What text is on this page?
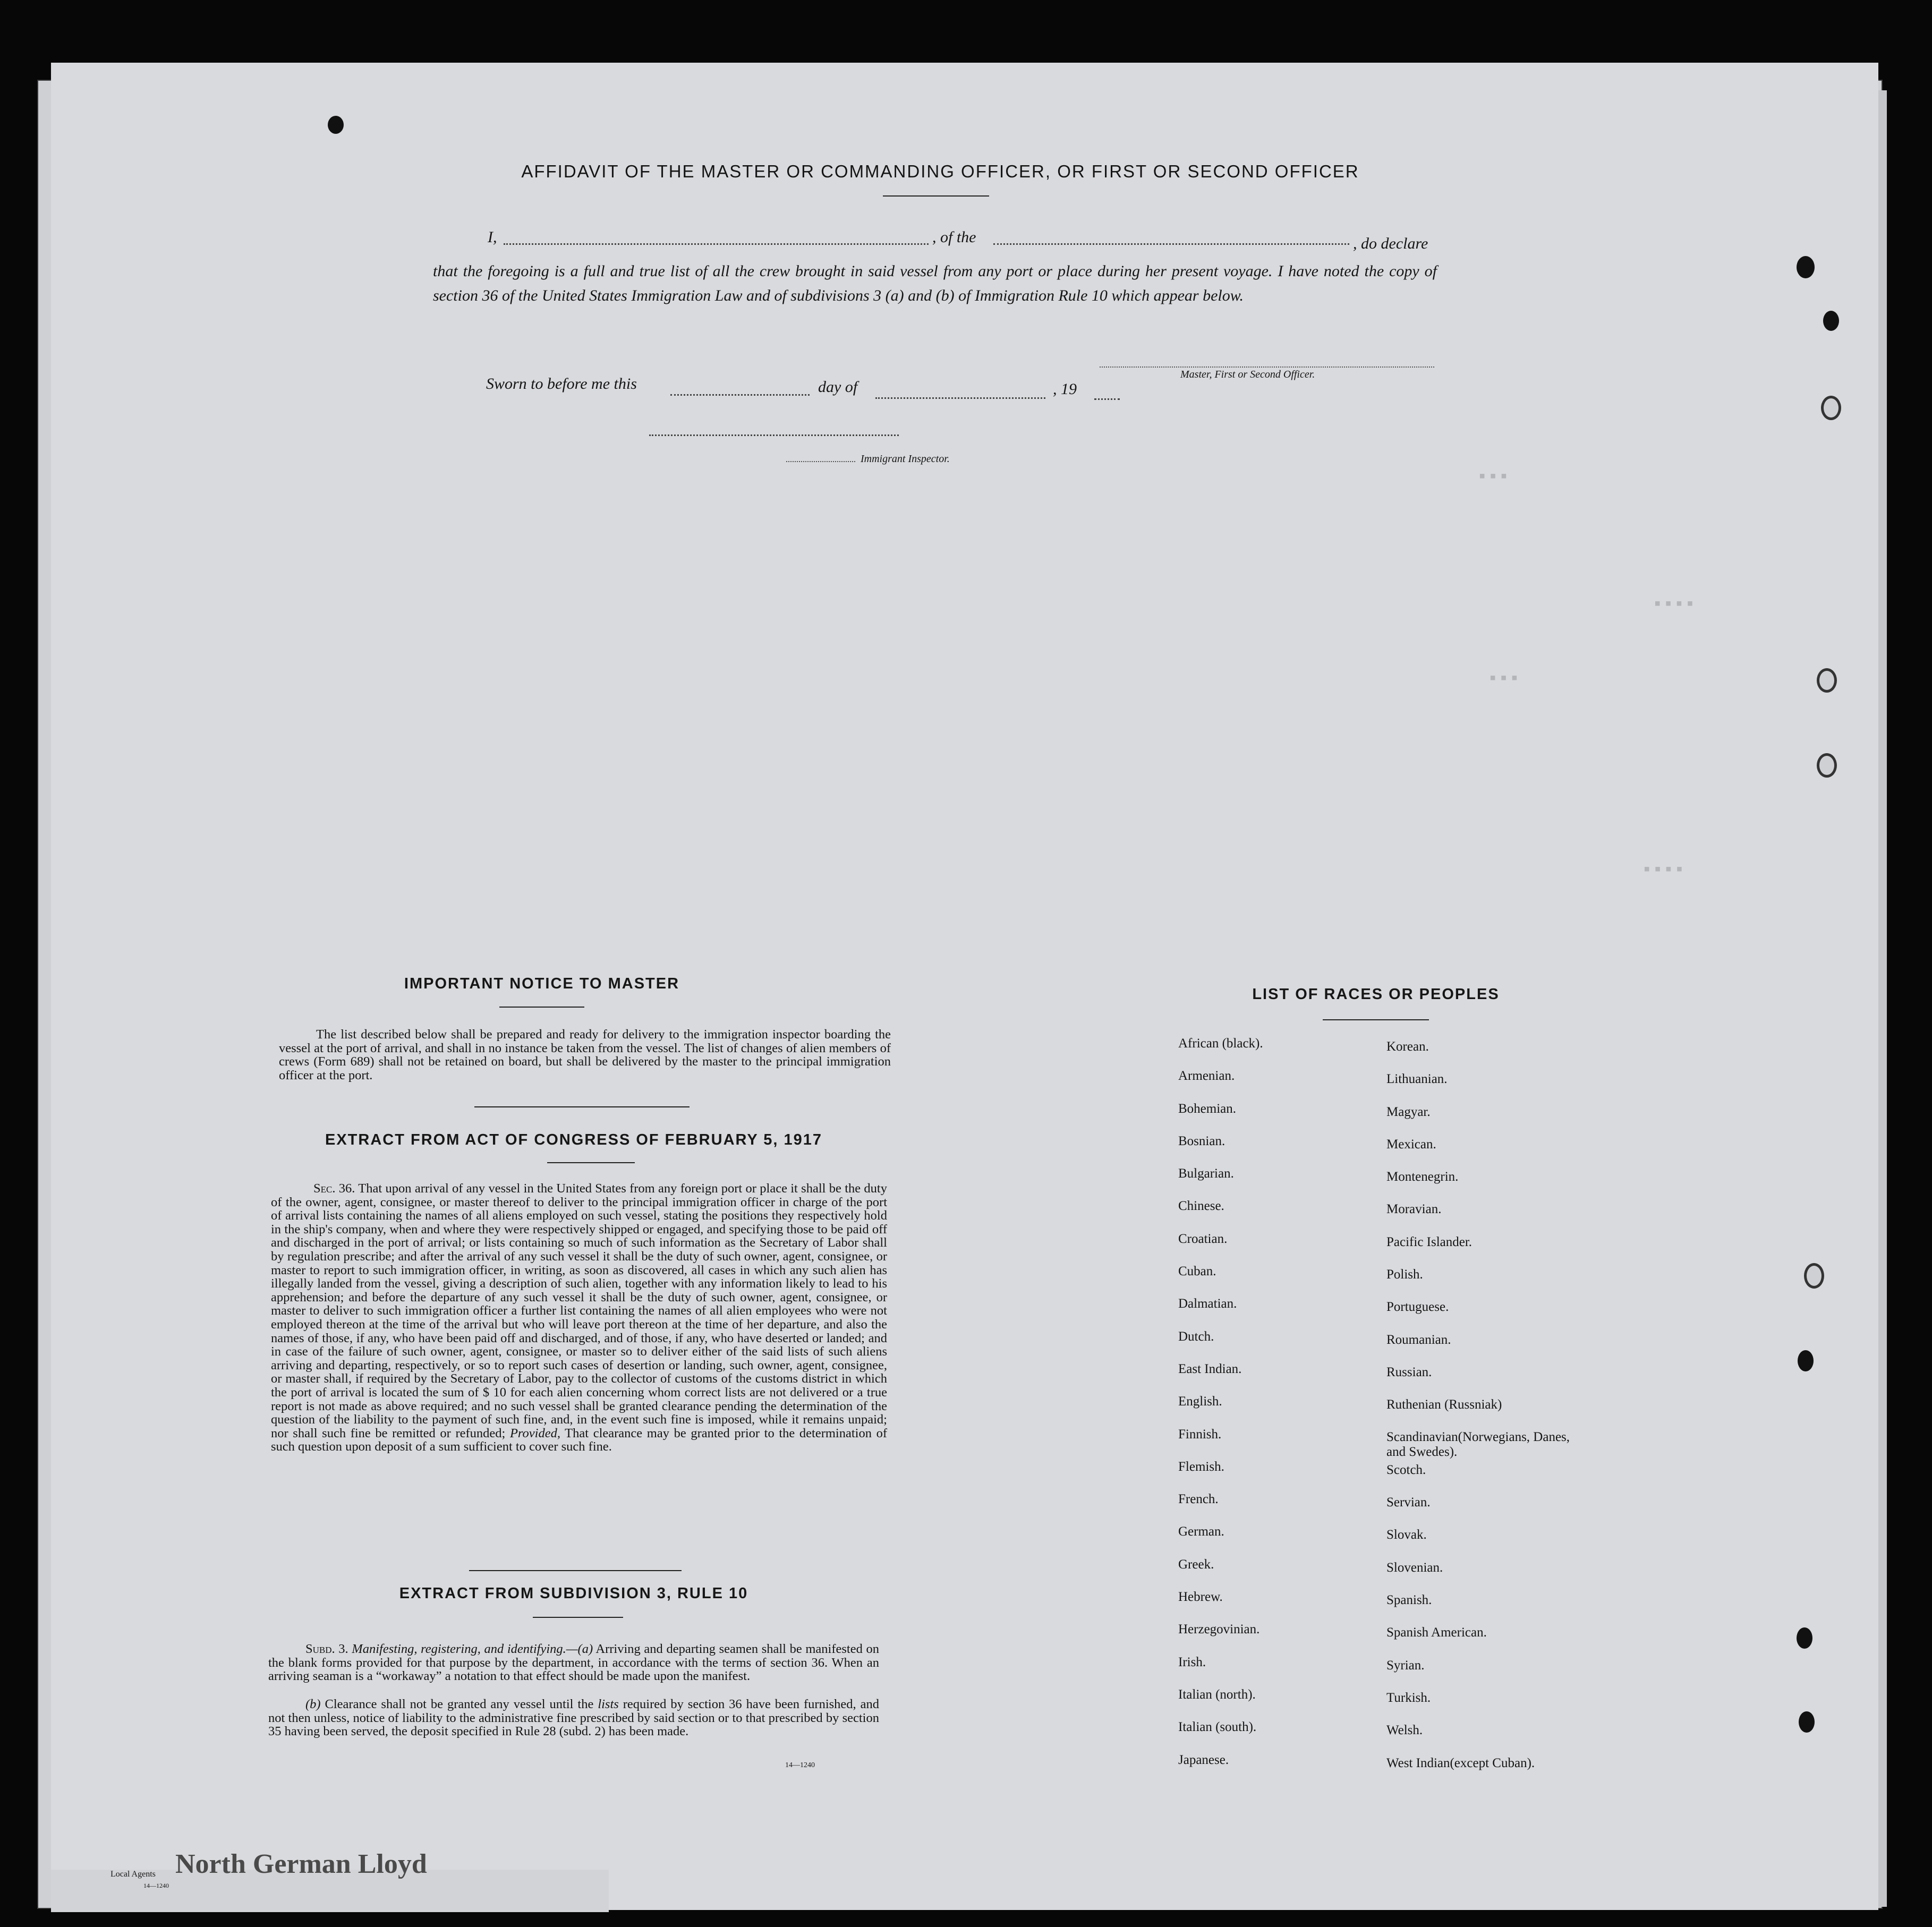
▪▪▪
▪▪▪▪
▪▪▪
▪▪▪▪
AFFIDAVIT OF THE MASTER OR COMMANDING OFFICER, OR FIRST OR SECOND OFFICER
I,	, of the	, do declare
that the foregoing is a full and true list of all the crew brought in said vessel from any port or place during her present voyage. I have noted the copy of section 36 of the United States Immigration Law and of subdivisions 3 (a) and (b) of Immigration Rule 10 which appear below.
Master, First or Second Officer.
Sworn to before me this	day of	, 19
Immigrant Inspector.
IMPORTANT NOTICE TO MASTER
The list described below shall be prepared and ready for delivery to the immigration inspector boarding the vessel at the port of arrival, and shall in no instance be taken from the vessel. The list of changes of alien members of crews (Form 689) shall not be retained on board, but shall be delivered by the master to the principal immigration officer at the port.
EXTRACT FROM ACT OF CONGRESS OF FEBRUARY 5, 1917
Sec. 36. That upon arrival of any vessel in the United States from any foreign port or place it shall be the duty of the owner, agent, consignee, or master thereof to deliver to the principal immigration officer in charge of the port of arrival lists containing the names of all aliens employed on such vessel, stating the positions they respectively hold in the ship's company, when and where they were respectively shipped or engaged, and specifying those to be paid off and discharged in the port of arrival; or lists containing so much of such information as the Secretary of Labor shall by regulation prescribe; and after the arrival of any such vessel it shall be the duty of such owner, agent, consignee, or master to report to such immigration officer, in writing, as soon as discovered, all cases in which any such alien has illegally landed from the vessel, giving a description of such alien, together with any information likely to lead to his apprehension; and before the departure of any such vessel it shall be the duty of such owner, agent, consignee, or master to deliver to such immigration officer a further list containing the names of all alien employees who were not employed thereon at the time of the arrival but who will leave port thereon at the time of her departure, and also the names of those, if any, who have been paid off and discharged, and of those, if any, who have deserted or landed; and in case of the failure of such owner, agent, consignee, or master so to deliver either of the said lists of such aliens arriving and departing, respectively, or so to report such cases of desertion or landing, such owner, agent, consignee, or master shall, if required by the Secretary of Labor, pay to the collector of customs of the customs district in which the port of arrival is located the sum of $ 10 for each alien concerning whom correct lists are not delivered or a true report is not made as above required; and no such vessel shall be granted clearance pending the determination of the question of the liability to the payment of such fine, and, in the event such fine is imposed, while it remains unpaid; nor shall such fine be remitted or refunded; Provided, That clearance may be granted prior to the determination of such question upon deposit of a sum sufficient to cover such fine.
EXTRACT FROM SUBDIVISION 3, RULE 10
Subd. 3. Manifesting, registering, and identifying.—(a) Arriving and departing seamen shall be manifested on the blank forms provided for that purpose by the department, in accordance with the terms of section 36. When an arriving seaman is a “workaway” a notation to that effect should be made upon the manifest.
(b) Clearance shall not be granted any vessel until the lists required by section 36 have been furnished, and not then unless, notice of liability to the administrative fine prescribed by said section or to that prescribed by section 35 having been served, the deposit specified in Rule 28 (subd. 2) has been made.
14—1240
LIST OF RACES OR PEOPLES
African (black).
Armenian.
Bohemian.
Bosnian.
Bulgarian.
Chinese.
Croatian.
Cuban.
Dalmatian.
Dutch.
East Indian.
English.
Finnish.
Flemish.
French.
German.
Greek.
Hebrew.
Herzegovinian.
Irish.
Italian (north).
Italian (south).
Japanese.
Korean.
Lithuanian.
Magyar.
Mexican.
Montenegrin.
Moravian.
Pacific Islander.
Polish.
Portuguese.
Roumanian.
Russian.
Ruthenian (Russniak)
Scandinavian(Norwegians, Danes, and Swedes).
Scotch.
Servian.
Slovak.
Slovenian.
Spanish.
Spanish American.
Syrian.
Turkish.
Welsh.
West Indian(except Cuban).
North German Lloyd
Local Agents
14—1240
